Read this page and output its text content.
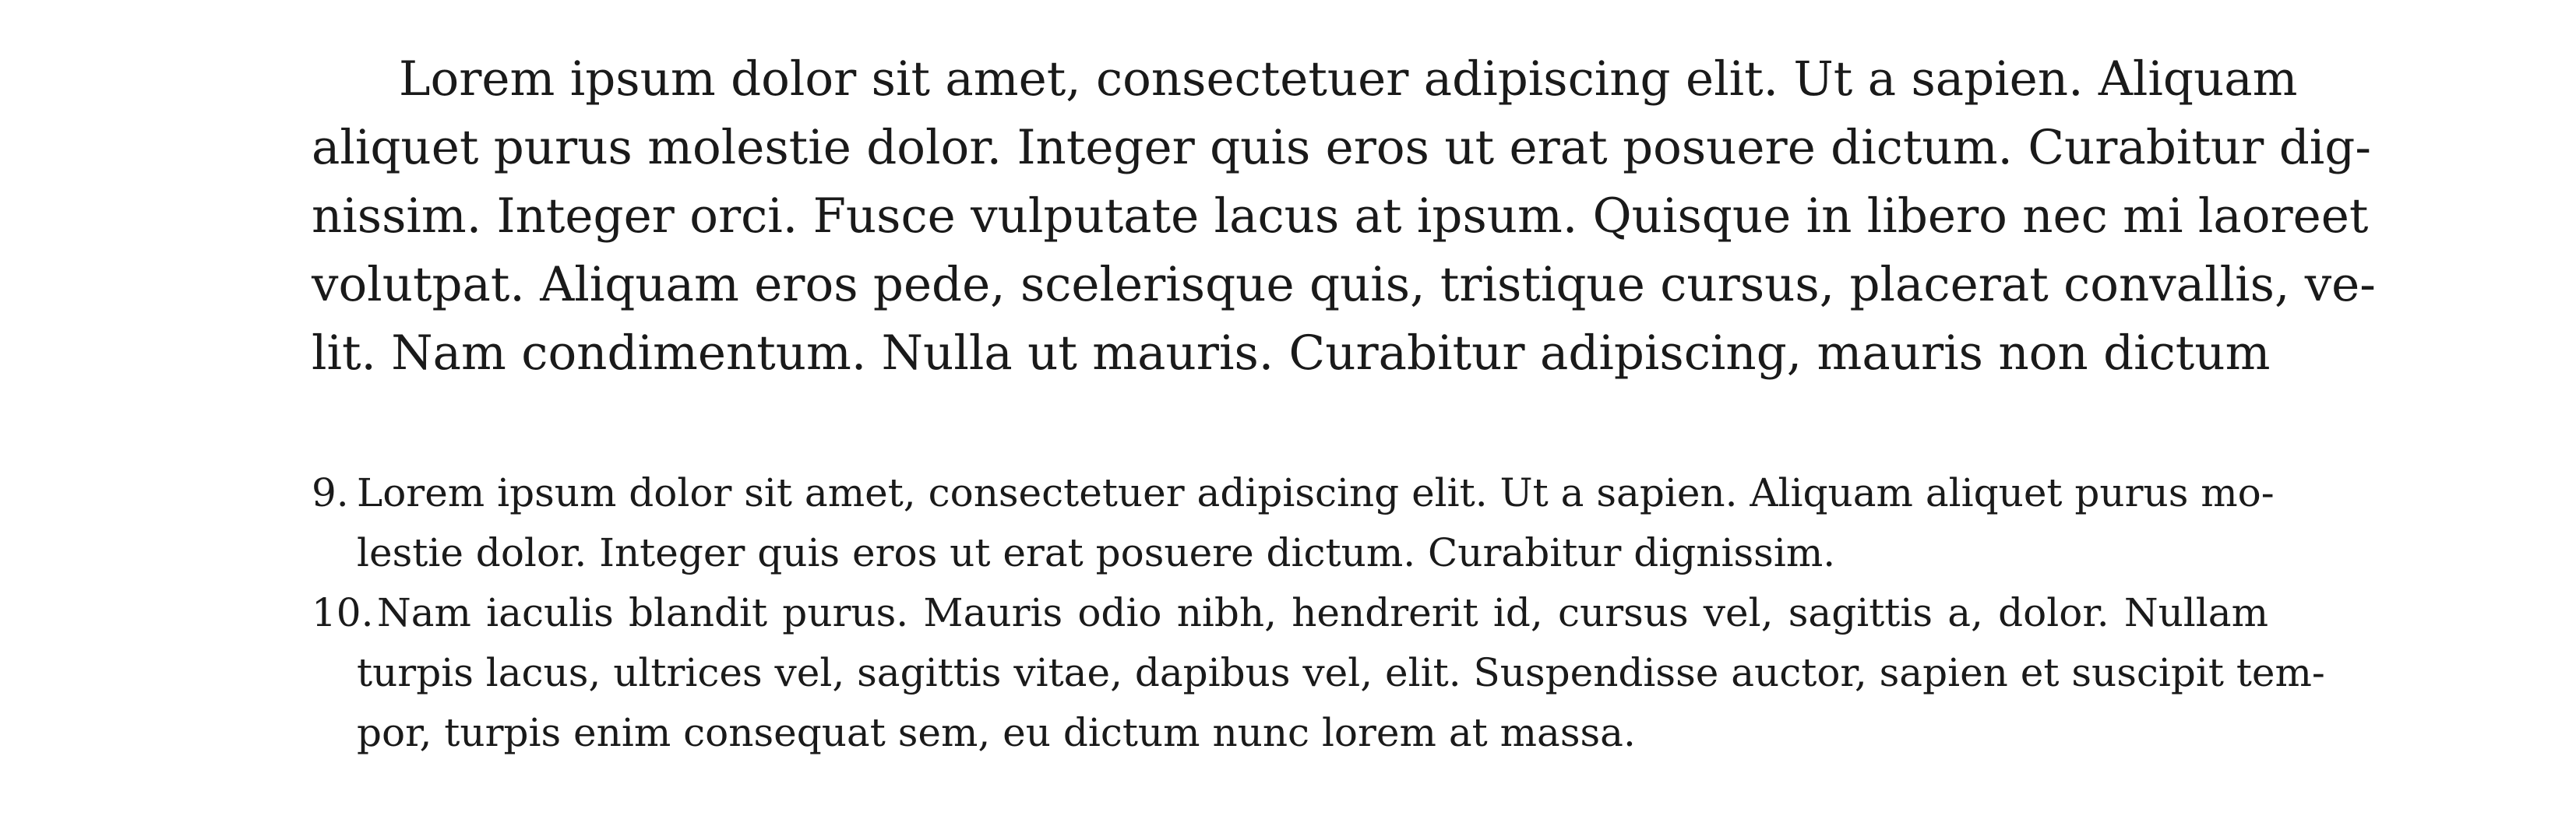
Lorem ipsum dolor sit amet, consectetuer adipiscing elit. Ut a sapien. Aliquam
aliquet purus molestie dolor. Integer quis eros ut erat posuere dictum. Curabitur dig-
nissim. Integer orci. Fusce vulputate lacus at ipsum. Quisque in libero nec mi laoreet
volutpat. Aliquam eros pede, scelerisque quis, tristique cursus, placerat convallis, ve-
lit. Nam condimentum. Nulla ut mauris. Curabitur adipiscing, mauris non dictum
9. Lorem ipsum dolor sit amet, consectetuer adipiscing elit. Ut a sapien. Aliquam aliquet purus mo-
lestie dolor. Integer quis eros ut erat posuere dictum. Curabitur dignissim.
10. Nam iaculis blandit purus. Mauris odio nibh, hendrerit id, cursus vel, sagittis a, dolor. Nullam
turpis lacus, ultrices vel, sagittis vitae, dapibus vel, elit. Suspendisse auctor, sapien et suscipit tem-
por, turpis enim consequat sem, eu dictum nunc lorem at massa.
